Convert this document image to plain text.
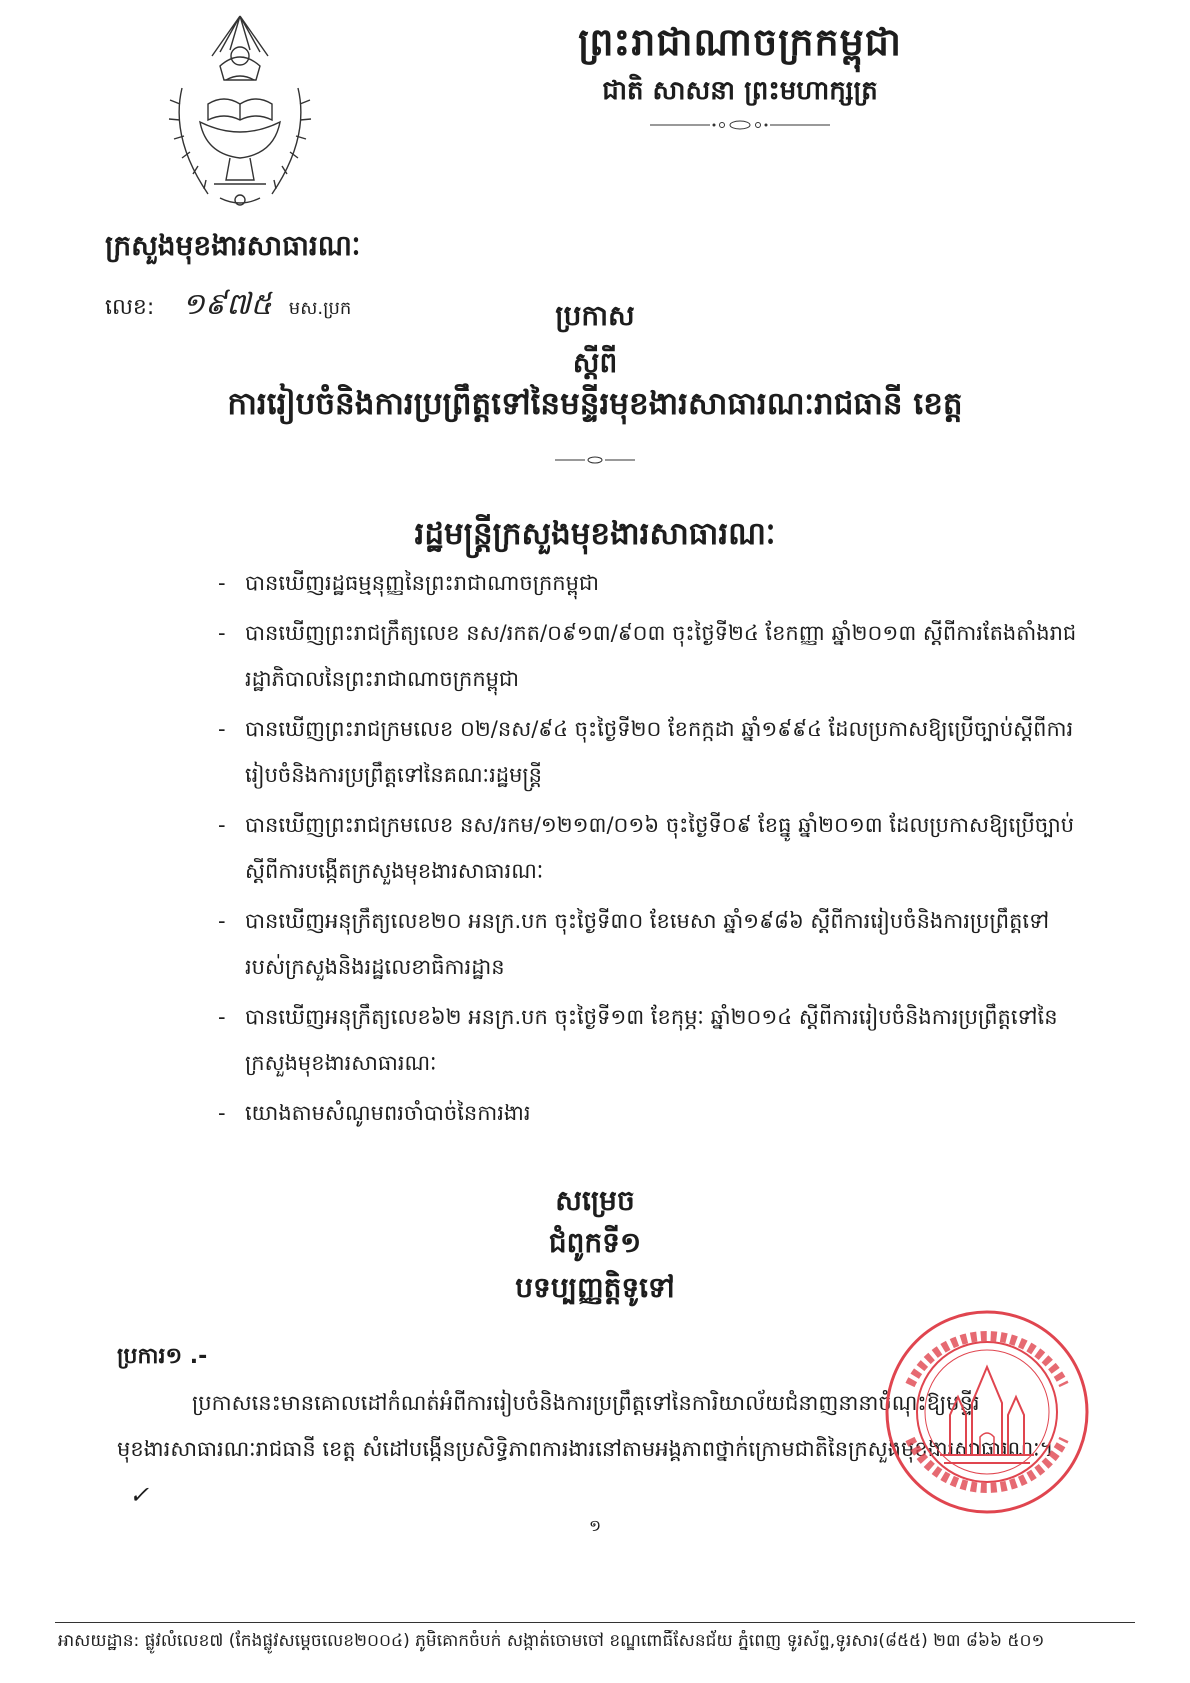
ព្រះរាជាណាចក្រកម្ពុជា
ជាតិ សាសនា ព្រះមហាក្សត្រ
ក្រសួងមុខងារសាធារណៈ
លេខ: ១៩៧៥ មស.ប្រក	ប្រកាស
ស្តីពី
ការរៀបចំនិងការប្រព្រឹត្តទៅនៃមន្ទីរមុខងារសាធារណៈរាជធានី ខេត្ត
រដ្ឋមន្ត្រីក្រសួងមុខងារសាធារណៈ
- បានឃើញរដ្ឋធម្មនុញ្ញនៃព្រះរាជាណាចក្រកម្ពុជា
- បានឃើញព្រះរាជក្រឹត្យលេខ នស/រកត/០៩១៣/៩០៣ ចុះថ្ងៃទី២៤ ខែកញ្ញា ឆ្នាំ២០១៣ ស្តីពីការតែងតាំងរាជរដ្ឋាភិបាលនៃព្រះរាជាណាចក្រកម្ពុជា
- បានឃើញព្រះរាជក្រមលេខ ០២/នស/៩៤ ចុះថ្ងៃទី២០ ខែកក្កដា ឆ្នាំ១៩៩៤ ដែលប្រកាសឱ្យប្រើច្បាប់ស្តីពីការរៀបចំនិងការប្រព្រឹត្តទៅនៃគណៈរដ្ឋមន្ត្រី
- បានឃើញព្រះរាជក្រមលេខ នស/រកម/១២១៣/០១៦ ចុះថ្ងៃទី០៩ ខែធ្នូ ឆ្នាំ២០១៣ ដែលប្រកាសឱ្យប្រើច្បាប់ស្តីពីការបង្កើតក្រសួងមុខងារសាធារណៈ
- បានឃើញអនុក្រឹត្យលេខ២០ អនក្រ.បក ចុះថ្ងៃទី៣០ ខែមេសា ឆ្នាំ១៩៨៦ ស្តីពីការរៀបចំនិងការប្រព្រឹត្តទៅរបស់ក្រសួងនិងរដ្ឋលេខាធិការដ្ឋាន
- បានឃើញអនុក្រឹត្យលេខ៦២ អនក្រ.បក ចុះថ្ងៃទី១៣ ខែកុម្ភៈ ឆ្នាំ២០១៤ ស្តីពីការរៀបចំនិងការប្រព្រឹត្តទៅនៃក្រសួងមុខងារសាធារណៈ
- យោងតាមសំណូមពរចាំបាច់នៃការងារ
សម្រេច
ជំពូកទី១
បទប្បញ្ញត្តិទូទៅ
ប្រការ១ .-
ប្រកាសនេះមានគោលដៅកំណត់អំពីការរៀបចំនិងការប្រព្រឹត្តទៅនៃការិយាល័យជំនាញនានាចំណុះឱ្យមន្ទីរមុខងារសាធារណៈរាជធានី ខេត្ត សំដៅបង្កើនប្រសិទ្ធិភាពការងារនៅតាមអង្គភាពថ្នាក់ក្រោមជាតិនៃក្រសួងមុខងារសាធារណៈ។✓
១
អាសយដ្ឋាន: ផ្លូវលំលេខ៧ (កែងផ្លូវសម្តេចលេខ២០០៤) ភូមិគោកចំបក់ សង្កាត់ចោមចៅ ខណ្ឌពោធិ៍សែនជ័យ ភ្នំពេញ ទូរស័ព្ទ,ទូរសារ(៨៥៥) ២៣ ៨៦៦ ៥០១
